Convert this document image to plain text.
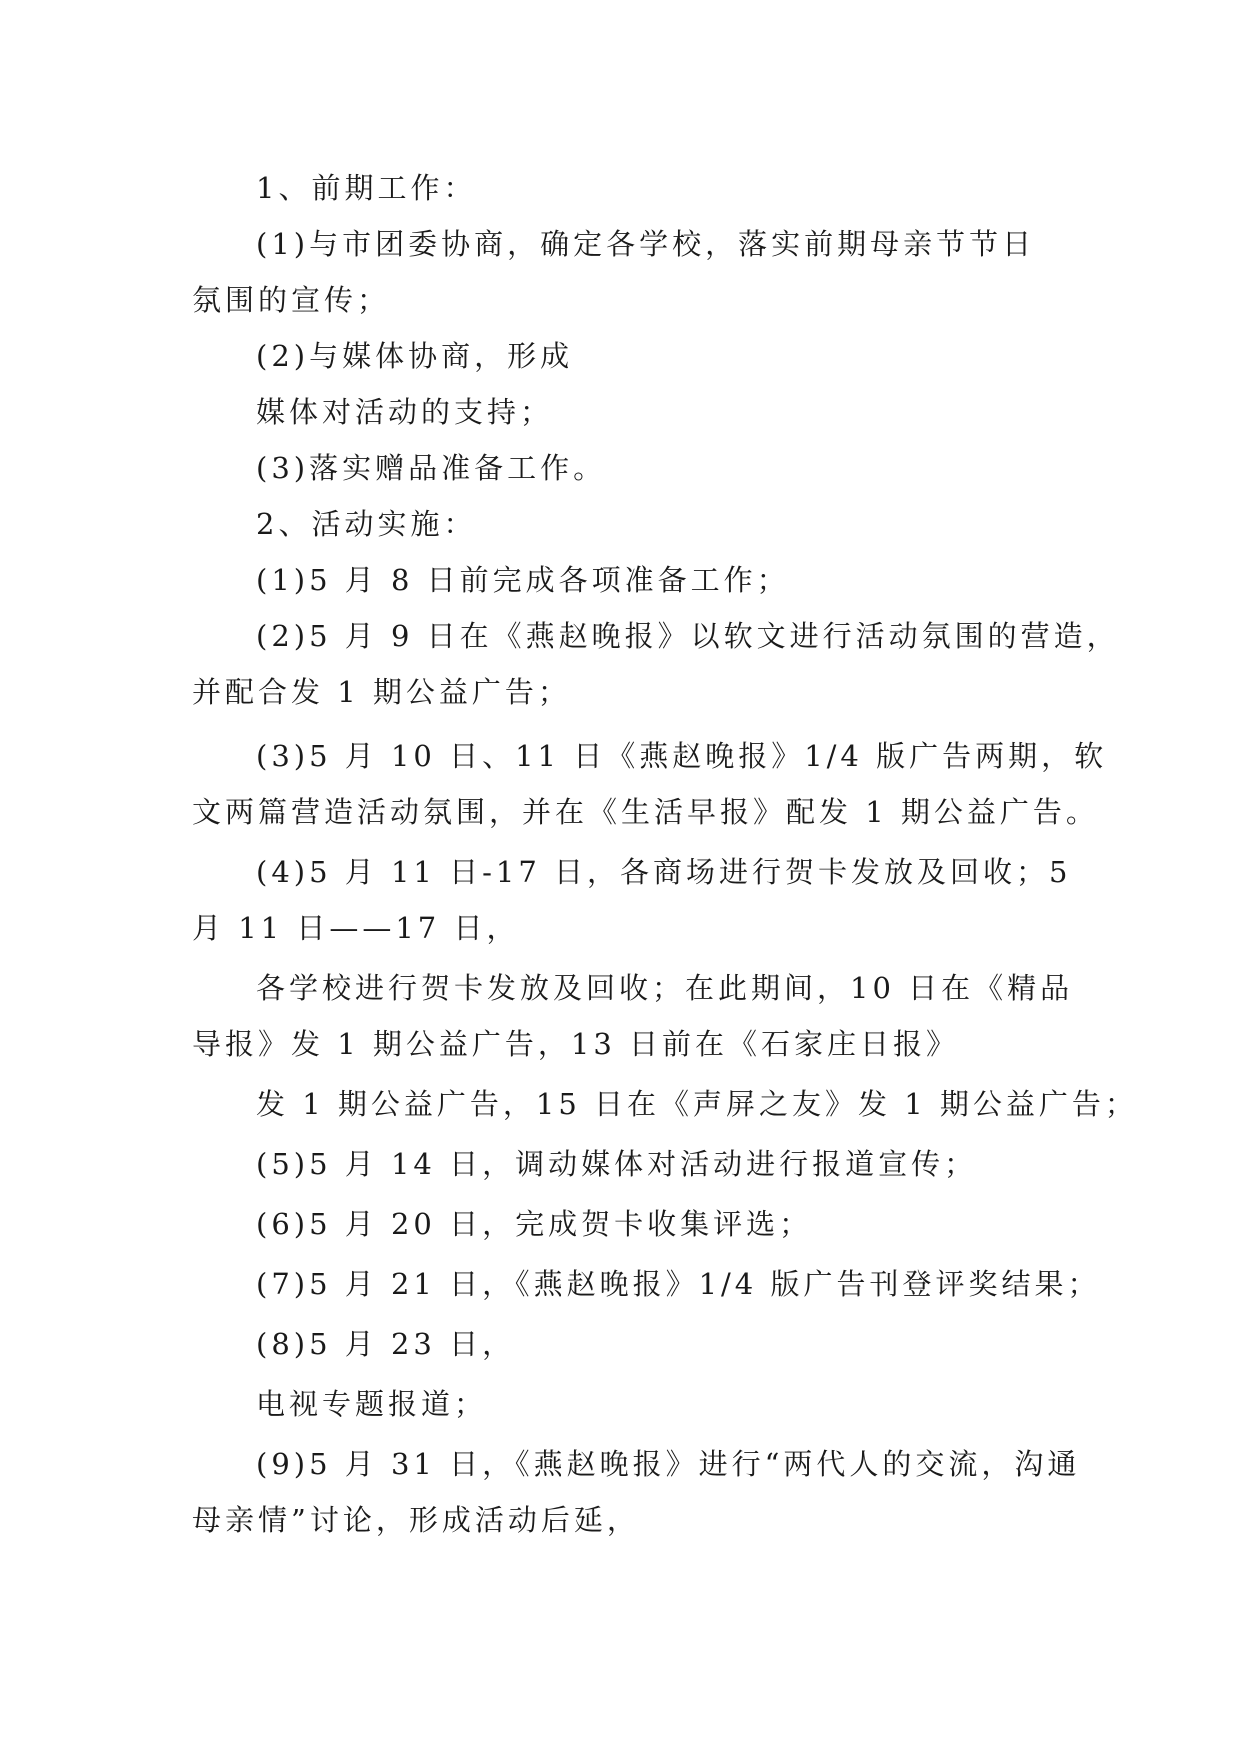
1、前期工作：
(1)与市团委协商，确定各学校，落实前期母亲节节日
氛围的宣传；
(2)与媒体协商，形成
媒体对活动的支持；
(3)落实赠品准备工作。
2、活动实施：
(1)5 月 8 日前完成各项准备工作；
(2)5 月 9 日在《燕赵晚报》以软文进行活动氛围的营造，
并配合发 1 期公益广告；
(3)5 月 10 日、11 日《燕赵晚报》1/4 版广告两期，软
文两篇营造活动氛围，并在《生活早报》配发 1 期公益广告。
(4)5 月 11 日-17 日，各商场进行贺卡发放及回收；5
月 11 日——17 日，
各学校进行贺卡发放及回收；在此期间，10 日在《精品
导报》发 1 期公益广告，13 日前在《石家庄日报》
发 1 期公益广告，15 日在《声屏之友》发 1 期公益广告；
(5)5 月 14 日，调动媒体对活动进行报道宣传；
(6)5 月 20 日，完成贺卡收集评选；
(7)5 月 21 日，《燕赵晚报》1/4 版广告刊登评奖结果；
(8)5 月 23 日，
电视专题报道；
(9)5 月 31 日，《燕赵晚报》进行“两代人的交流，沟通
母亲情”讨论，形成活动后延，
